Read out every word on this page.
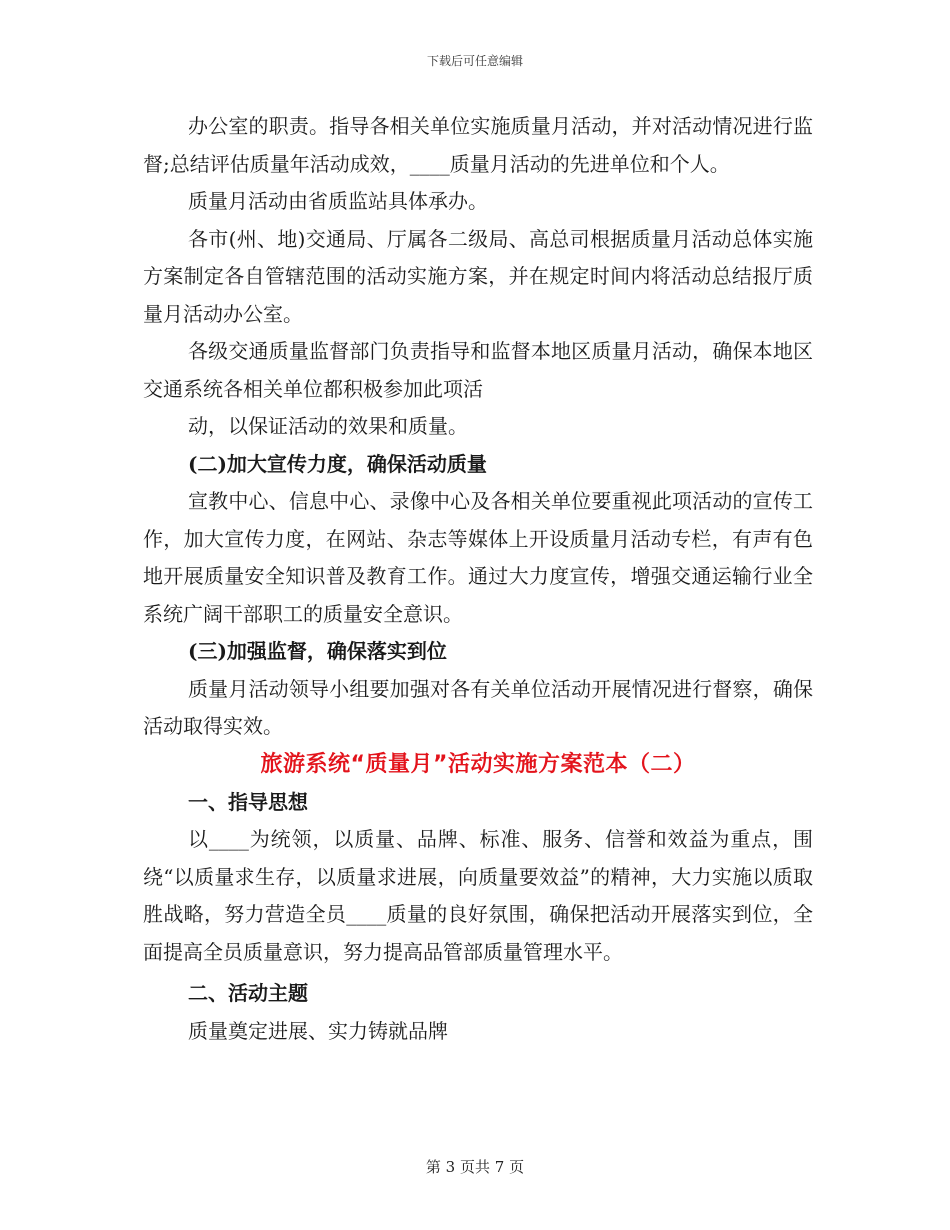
下载后可任意编辑

办公室的职责。指导各相关单位实施质量月活动，并对活动情况进行监督;总结评估质量年活动成效，____质量月活动的先进单位和个人。

质量月活动由省质监站具体承办。

各市(州、地)交通局、厅属各二级局、高总司根据质量月活动总体实施方案制定各自管辖范围的活动实施方案，并在规定时间内将活动总结报厅质量月活动办公室。

各级交通质量监督部门负责指导和监督本地区质量月活动，确保本地区交通系统各相关单位都积极参加此项活

动，以保证活动的效果和质量。

(二)加大宣传力度，确保活动质量

宣教中心、信息中心、录像中心及各相关单位要重视此项活动的宣传工作，加大宣传力度，在网站、杂志等媒体上开设质量月活动专栏，有声有色地开展质量安全知识普及教育工作。通过大力度宣传，增强交通运输行业全系统广阔干部职工的质量安全意识。

(三)加强监督，确保落实到位

质量月活动领导小组要加强对各有关单位活动开展情况进行督察，确保活动取得实效。

旅游系统“质量月”活动实施方案范本（二）

一、指导思想

以____为统领，以质量、品牌、标准、服务、信誉和效益为重点，围绕“以质量求生存，以质量求进展，向质量要效益”的精神，大力实施以质取胜战略，努力营造全员____质量的良好氛围，确保把活动开展落实到位，全面提高全员质量意识，努力提高品管部质量管理水平。

二、活动主题

质量奠定进展、实力铸就品牌

第 3 页共 7 页
